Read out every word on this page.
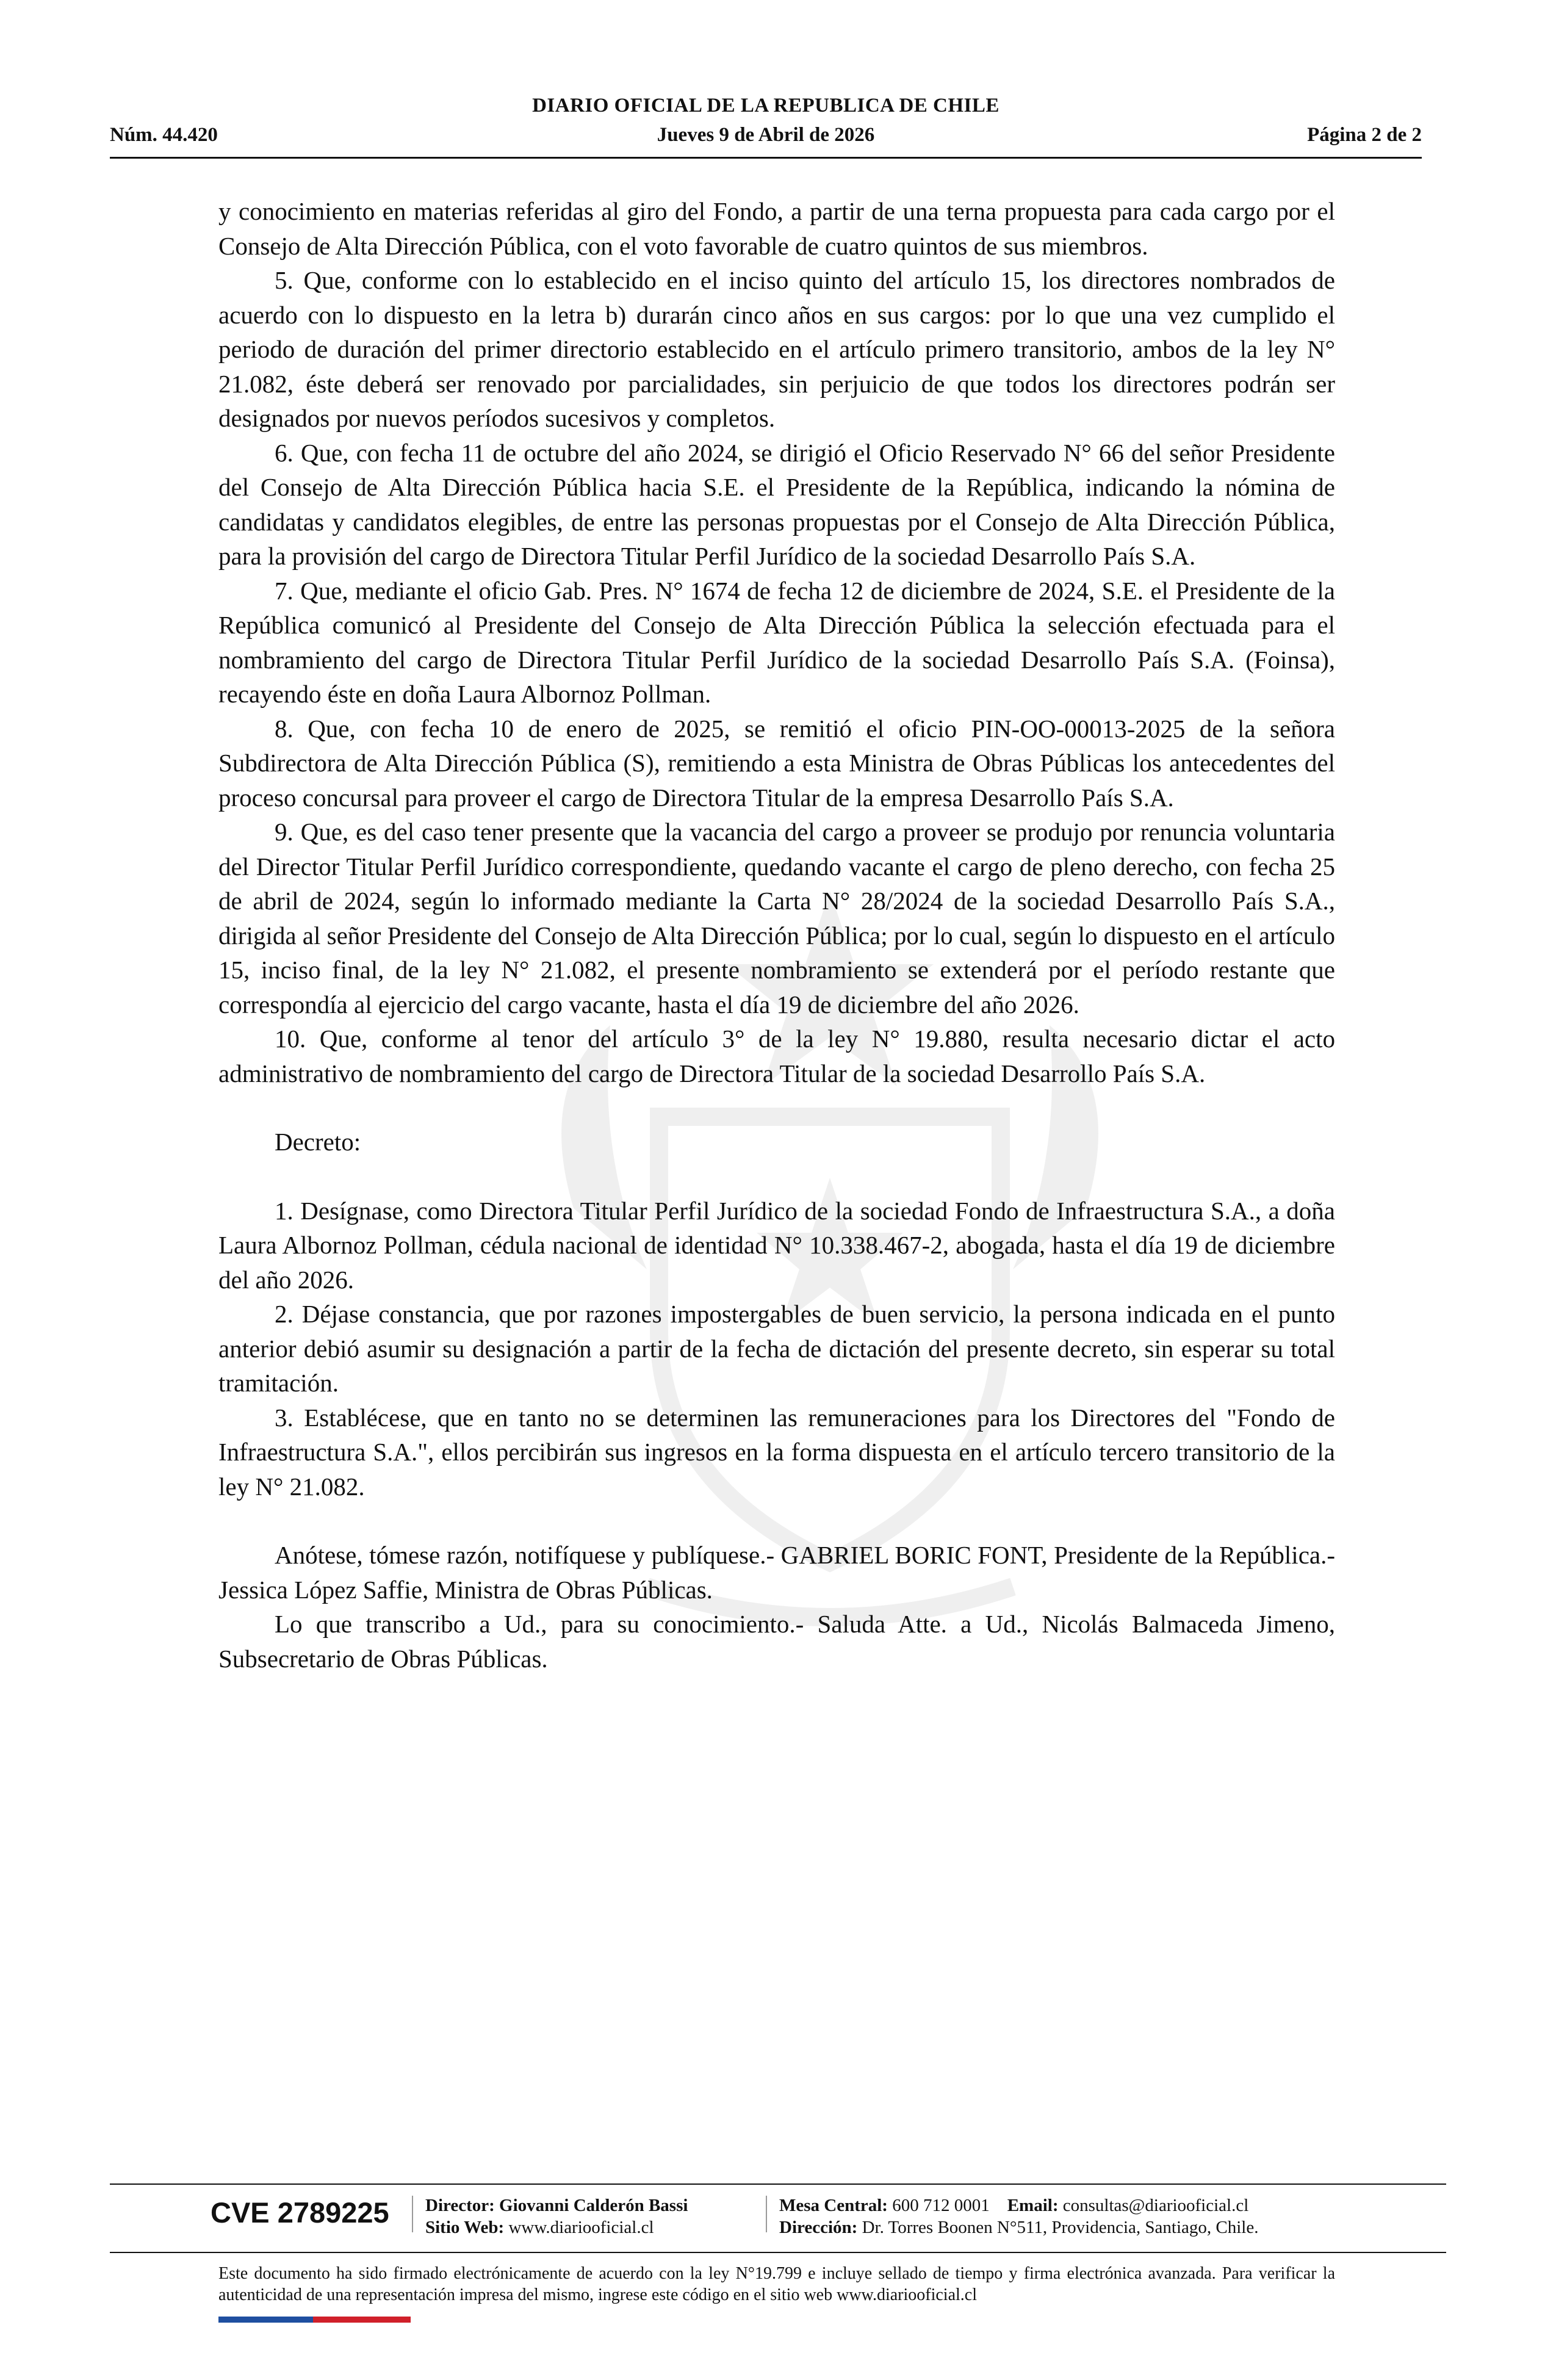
DIARIO OFICIAL DE LA REPUBLICA DE CHILE
Núm. 44.420	Jueves 9 de Abril de 2026	Página 2 de 2

y conocimiento en materias referidas al giro del Fondo, a partir de una terna propuesta para cada cargo por el Consejo de Alta Dirección Pública, con el voto favorable de cuatro quintos de sus miembros.

5. Que, conforme con lo establecido en el inciso quinto del artículo 15, los directores nombrados de acuerdo con lo dispuesto en la letra b) durarán cinco años en sus cargos: por lo que una vez cumplido el periodo de duración del primer directorio establecido en el artículo primero transitorio, ambos de la ley N° 21.082, éste deberá ser renovado por parcialidades, sin perjuicio de que todos los directores podrán ser designados por nuevos períodos sucesivos y completos.

6. Que, con fecha 11 de octubre del año 2024, se dirigió el Oficio Reservado N° 66 del señor Presidente del Consejo de Alta Dirección Pública hacia S.E. el Presidente de la República, indicando la nómina de candidatas y candidatos elegibles, de entre las personas propuestas por el Consejo de Alta Dirección Pública, para la provisión del cargo de Directora Titular Perfil Jurídico de la sociedad Desarrollo País S.A.

7. Que, mediante el oficio Gab. Pres. N° 1674 de fecha 12 de diciembre de 2024, S.E. el Presidente de la República comunicó al Presidente del Consejo de Alta Dirección Pública la selección efectuada para el nombramiento del cargo de Directora Titular Perfil Jurídico de la sociedad Desarrollo País S.A. (Foinsa), recayendo éste en doña Laura Albornoz Pollman.

8. Que, con fecha 10 de enero de 2025, se remitió el oficio PIN-OO-00013-2025 de la señora Subdirectora de Alta Dirección Pública (S), remitiendo a esta Ministra de Obras Públicas los antecedentes del proceso concursal para proveer el cargo de Directora Titular de la empresa Desarrollo País S.A.

9. Que, es del caso tener presente que la vacancia del cargo a proveer se produjo por renuncia voluntaria del Director Titular Perfil Jurídico correspondiente, quedando vacante el cargo de pleno derecho, con fecha 25 de abril de 2024, según lo informado mediante la Carta N° 28/2024 de la sociedad Desarrollo País S.A., dirigida al señor Presidente del Consejo de Alta Dirección Pública; por lo cual, según lo dispuesto en el artículo 15, inciso final, de la ley N° 21.082, el presente nombramiento se extenderá por el período restante que correspondía al ejercicio del cargo vacante, hasta el día 19 de diciembre del año 2026.

10. Que, conforme al tenor del artículo 3° de la ley N° 19.880, resulta necesario dictar el acto administrativo de nombramiento del cargo de Directora Titular de la sociedad Desarrollo País S.A.

Decreto:

1. Desígnase, como Directora Titular Perfil Jurídico de la sociedad Fondo de Infraestructura S.A., a doña Laura Albornoz Pollman, cédula nacional de identidad N° 10.338.467-2, abogada, hasta el día 19 de diciembre del año 2026.

2. Déjase constancia, que por razones impostergables de buen servicio, la persona indicada en el punto anterior debió asumir su designación a partir de la fecha de dictación del presente decreto, sin esperar su total tramitación.

3. Establécese, que en tanto no se determinen las remuneraciones para los Directores del "Fondo de Infraestructura S.A.", ellos percibirán sus ingresos en la forma dispuesta en el artículo tercero transitorio de la ley N° 21.082.

Anótese, tómese razón, notifíquese y publíquese.- GABRIEL BORIC FONT, Presidente de la República.- Jessica López Saffie, Ministra de Obras Públicas.

Lo que transcribo a Ud., para su conocimiento.- Saluda Atte. a Ud., Nicolás Balmaceda Jimeno, Subsecretario de Obras Públicas.

CVE 2789225 Director: Giovanni Calderón Bassi
Sitio Web: www.diariooficial.cl
Mesa Central: 600 712 0001 Email: consultas@diariooficial.cl
Dirección: Dr. Torres Boonen N°511, Providencia, Santiago, Chile.
Este documento ha sido firmado electrónicamente de acuerdo con la ley N°19.799 e incluye sellado de tiempo y firma electrónica avanzada. Para verificar la autenticidad de una representación impresa del mismo, ingrese este código en el sitio web www.diariooficial.cl
